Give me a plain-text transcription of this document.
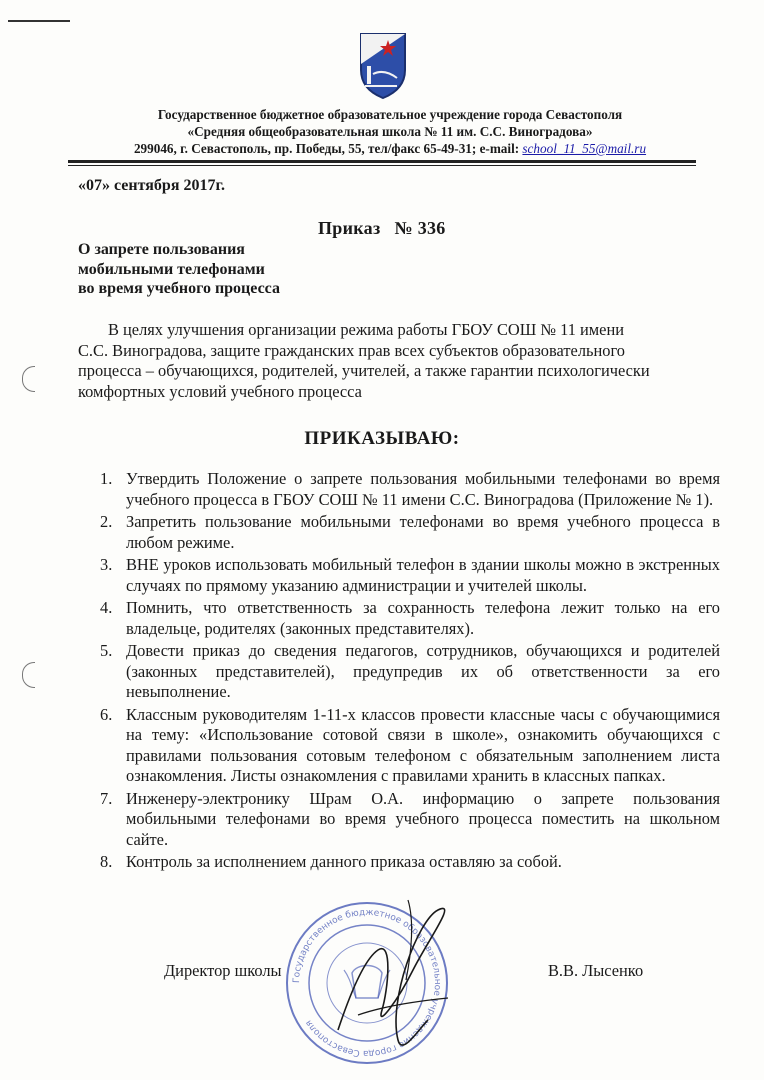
Государственное бюджетное образовательное учреждение города Севастополя
«Средняя общеобразовательная школа № 11 им. С.С. Виноградова»
299046, г. Севастополь, пр. Победы, 55, тел/факс 65-49-31; e-mail: school_11_55@mail.ru
«07» сентября 2017г.
Приказ № 336
О запрете пользования
мобильными телефонами
во время учебного процесса
В целях улучшения организации режима работы ГБОУ СОШ № 11 имени
С.С. Виноградова, защите гражданских прав всех субъектов образовательного
процесса – обучающихся, родителей, учителей, а также гарантии психологически
комфортных условий учебного процесса
ПРИКАЗЫВАЮ:
1. Утвердить Положение о запрете пользования мобильными телефонами во время учебного процесса в ГБОУ СОШ № 11 имени С.С. Виноградова (Приложение № 1).
2. Запретить пользование мобильными телефонами во время учебного процесса в любом режиме.
3. ВНЕ уроков использовать мобильный телефон в здании школы можно в экстренных случаях по прямому указанию администрации и учителей школы.
4. Помнить, что ответственность за сохранность телефона лежит только на его владельце, родителях (законных представителях).
5. Довести приказ до сведения педагогов, сотрудников, обучающихся и родителей (законных представителей), предупредив их об ответственности за его невыполнение.
6. Классным руководителям 1-11-х классов провести классные часы с обучающимися на тему: «Использование сотовой связи в школе», ознакомить обучающихся с правилами пользования сотовым телефоном с обязательным заполнением листа ознакомления. Листы ознакомления с правилами хранить в классных папках.
7. Инженеру-электронику Шрам О.А. информацию о запрете пользования мобильными телефонами во время учебного процесса поместить на школьном сайте.
8. Контроль за исполнением данного приказа оставляю за собой.
Государственное бюджетное образовательное учреждение города Севастополя
Директор школы	В.В. Лысенко
